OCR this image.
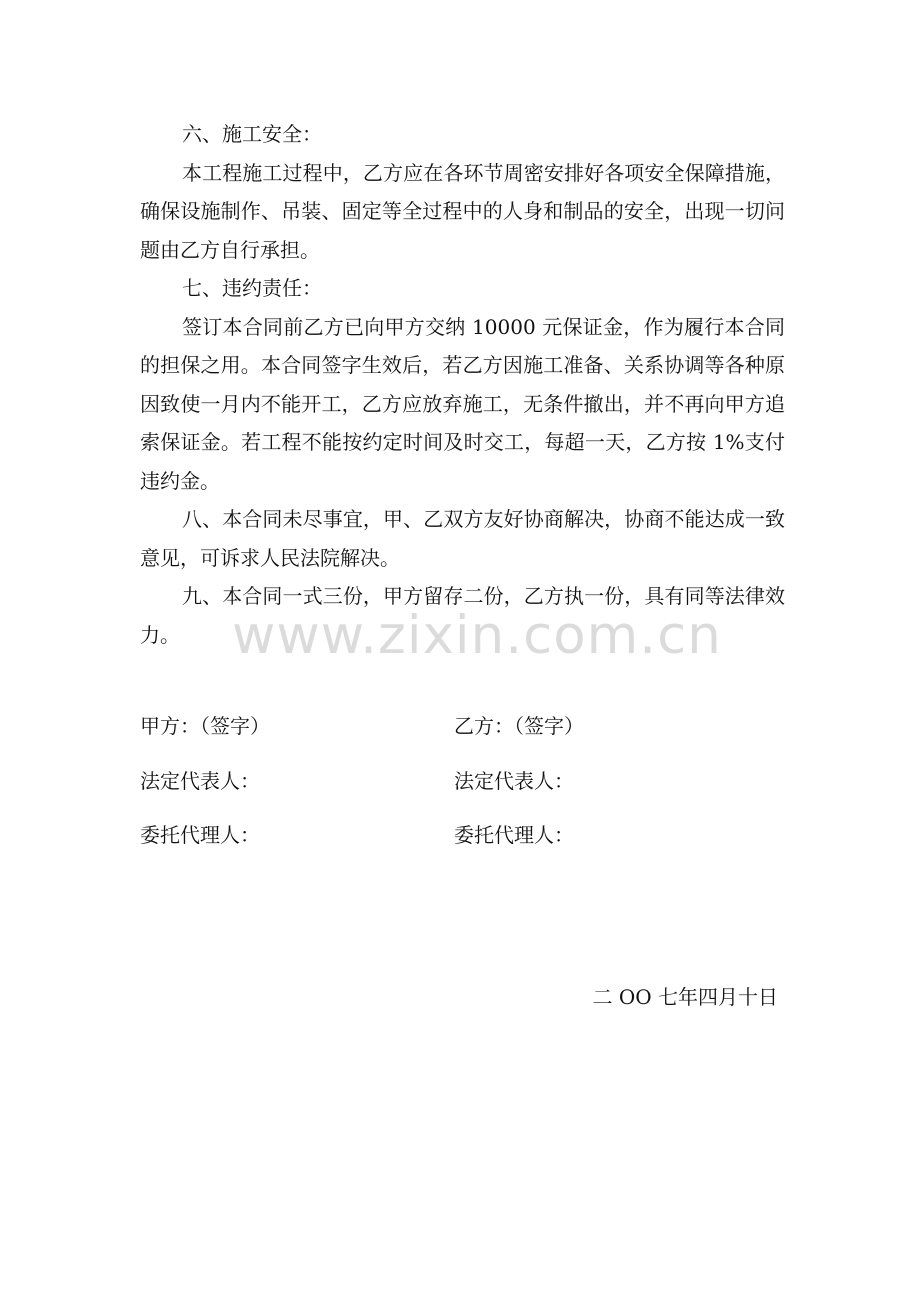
六、施工安全：

本工程施工过程中，乙方应在各环节周密安排好各项安全保障措施，确保设施制作、吊装、固定等全过程中的人身和制品的安全，出现一切问题由乙方自行承担。

七、违约责任：

签订本合同前乙方已向甲方交纳 10000 元保证金，作为履行本合同的担保之用。本合同签字生效后，若乙方因施工准备、关系协调等各种原因致使一月内不能开工，乙方应放弃施工，无条件撤出，并不再向甲方追索保证金。若工程不能按约定时间及时交工，每超一天，乙方按 1%支付违约金。

八、本合同未尽事宜，甲、乙双方友好协商解决，协商不能达成一致意见，可诉求人民法院解决。

九、本合同一式三份，甲方留存二份，乙方执一份，具有同等法律效力。 www.zixin.com.cn
甲方：（签字）	乙方：（签字）
法定代表人：	法定代表人：
委托代理人：	委托代理人：
二 OO 七年四月十日
